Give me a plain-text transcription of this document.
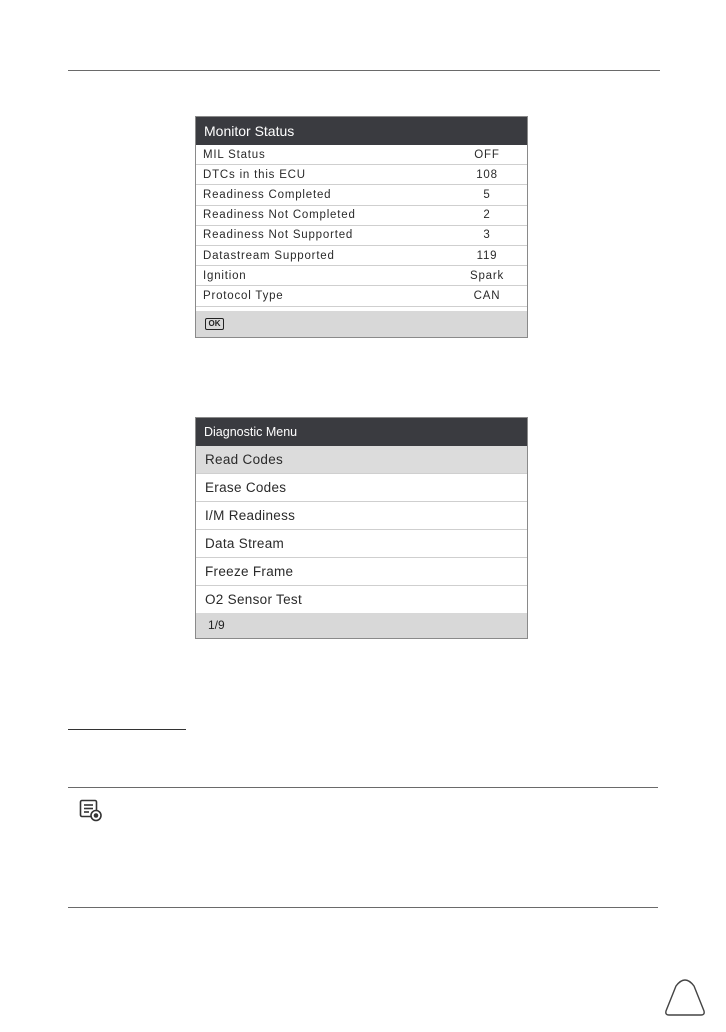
Monitor Status
MIL Status	OFF
DTCs in this ECU	108
Readiness Completed	5
Readiness Not Completed	2
Readiness Not Supported	3
Datastream Supported	119
Ignition	Spark
Protocol Type	CAN
OK
Diagnostic Menu
Read Codes
Erase Codes
I/M Readiness
Data Stream
Freeze Frame
O2 Sensor Test
1/9
